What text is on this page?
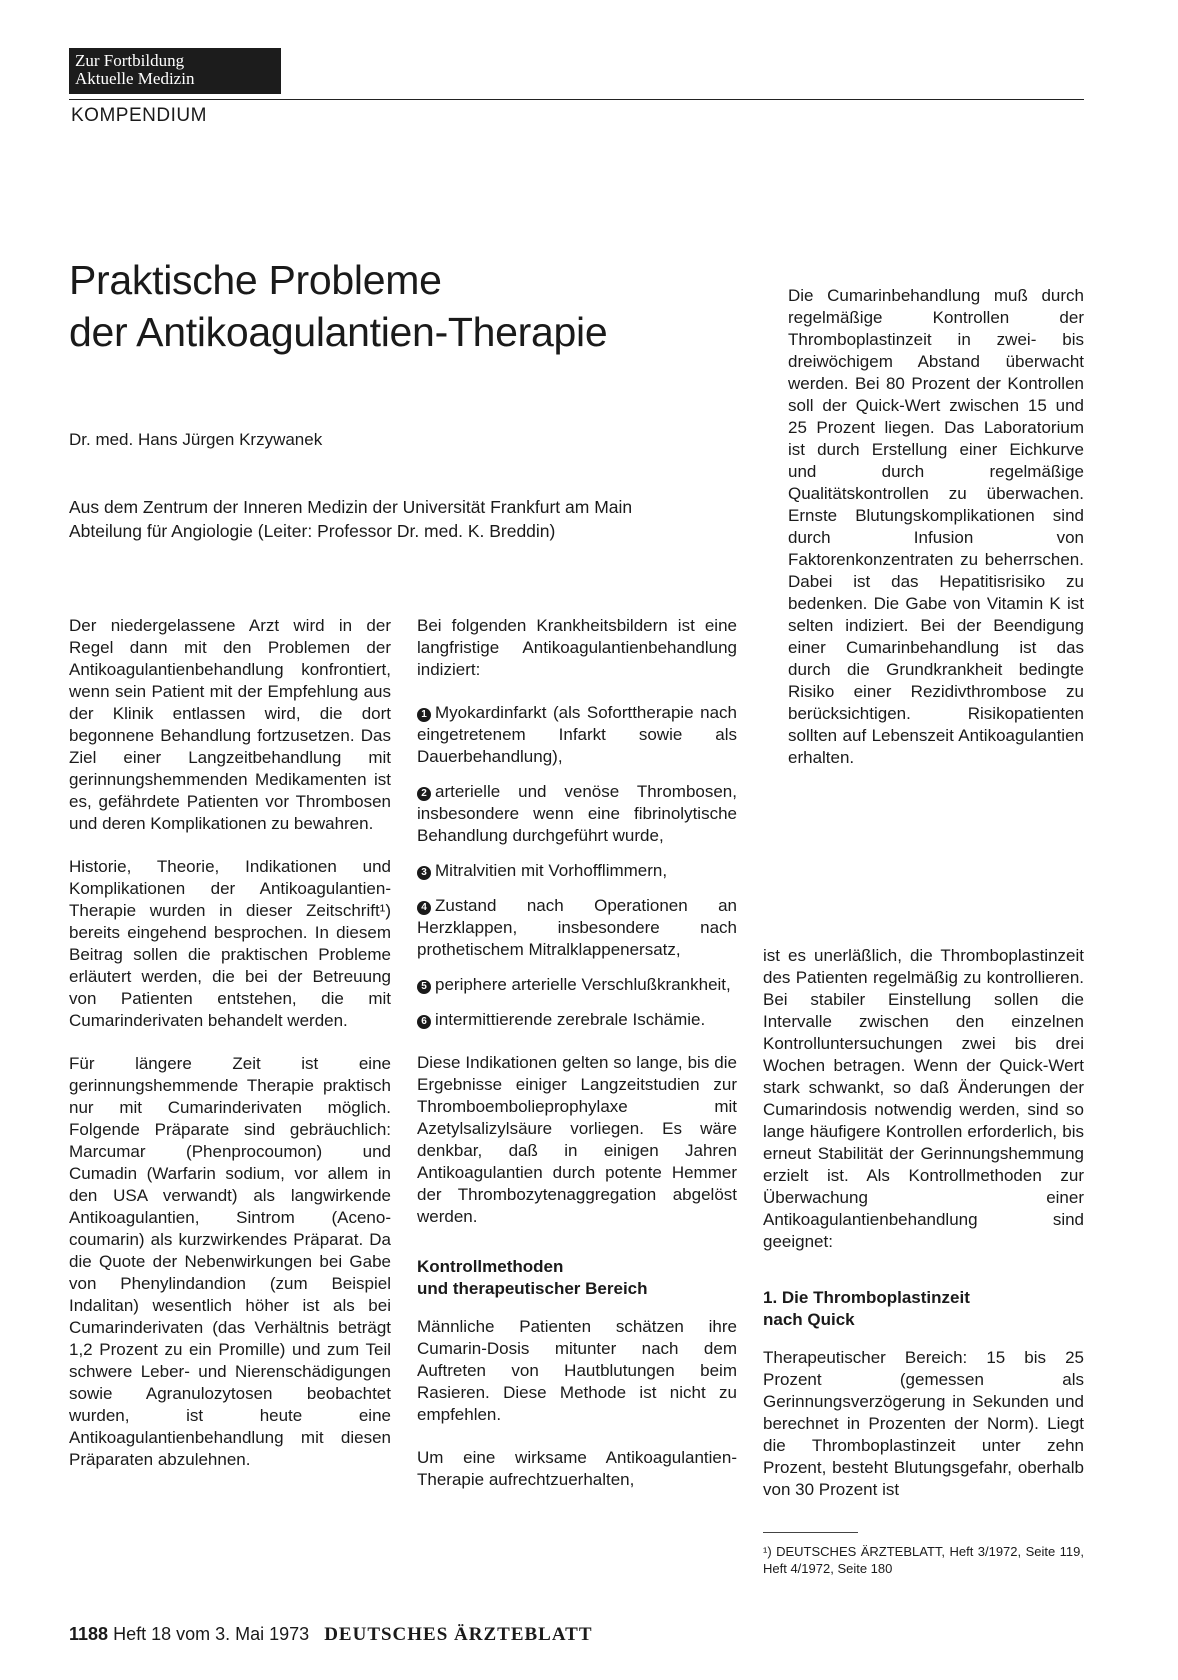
Zur Fortbildung
Aktuelle Medizin
KOMPENDIUM
Praktische Probleme
der Antikoagulantien-Therapie
Dr. med. Hans Jürgen Krzywanek
Aus dem Zentrum der Inneren Medizin der Universität Frankfurt am Main
Abteilung für Angiologie (Leiter: Professor Dr. med. K. Breddin)

Der niedergelassene Arzt wird in der Regel dann mit den Problemen der Antikoagulantienbehandlung konfrontiert, wenn sein Patient mit der Empfehlung aus der Klinik entlassen wird, die dort begonnene Behandlung fortzusetzen. Das Ziel einer Langzeitbehandlung mit gerinnungshemmenden Medikamenten ist es, gefährdete Patienten vor Thrombosen und deren Komplikationen zu bewahren.

Historie, Theorie, Indikationen und Komplikationen der Antikoagulantien-Therapie wurden in dieser Zeitschrift¹) bereits eingehend besprochen. In diesem Beitrag sollen die praktischen Probleme erläutert werden, die bei der Betreuung von Patienten entstehen, die mit Cumarinderivaten behandelt werden.

Für längere Zeit ist eine gerinnungshemmende Therapie praktisch nur mit Cumarinderivaten möglich. Folgende Präparate sind gebräuchlich: Marcumar (Phenprocoumon) und Cumadin (Warfarin sodium, vor allem in den USA verwandt) als langwirkende Antikoagulantien, Sintrom (Aceno-coumarin) als kurzwirkendes Präparat. Da die Quote der Nebenwirkungen bei Gabe von Phenylindandion (zum Beispiel Indalitan) wesentlich höher ist als bei Cumarinderivaten (das Verhältnis beträgt 1,2 Prozent zu ein Promille) und zum Teil schwere Leber- und Nierenschädigungen sowie Agranulozytosen beobachtet wurden, ist heute eine Antikoagulantienbehandlung mit diesen Präparaten abzulehnen.

Bei folgenden Krankheitsbildern ist eine langfristige Antikoagulantienbehandlung indiziert:

1 Myokardinfarkt (als Soforttherapie nach eingetretenem Infarkt sowie als Dauerbehandlung),
2 arterielle und venöse Thrombosen, insbesondere wenn eine fibrinolytische Behandlung durchgeführt wurde,
3 Mitralvitien mit Vorhofflimmern,
4 Zustand nach Operationen an Herzklappen, insbesondere nach prothetischem Mitralklappenersatz,
5 periphere arterielle Verschlußkrankheit,
6 intermittierende zerebrale Ischämie.

Diese Indikationen gelten so lange, bis die Ergebnisse einiger Langzeitstudien zur Thromboembolieprophylaxe mit Azetylsalizylsäure vorliegen. Es wäre denkbar, daß in einigen Jahren Antikoagulantien durch potente Hemmer der Thrombozytenaggregation abgelöst werden.

Kontrollmethoden
und therapeutischer Bereich

Männliche Patienten schätzen ihre Cumarin-Dosis mitunter nach dem Auftreten von Hautblutungen beim Rasieren. Diese Methode ist nicht zu empfehlen.

Um eine wirksame Antikoagulantien-Therapie aufrechtzuerhalten,

Die Cumarinbehandlung muß durch regelmäßige Kontrollen der Thromboplastinzeit in zwei- bis dreiwöchigem Abstand überwacht werden. Bei 80 Prozent der Kontrollen soll der Quick-Wert zwischen 15 und 25 Prozent liegen. Das Laboratorium ist durch Erstellung einer Eichkurve und durch regelmäßige Qualitätskontrollen zu überwachen. Ernste Blutungskomplikationen sind durch Infusion von Faktorenkonzentraten zu beherrschen. Dabei ist das Hepatitisrisiko zu bedenken. Die Gabe von Vitamin K ist selten indiziert. Bei der Beendigung einer Cumarinbehandlung ist das durch die Grundkrankheit bedingte Risiko einer Rezidivthrombose zu berücksichtigen. Risikopatienten sollten auf Lebenszeit Antikoagulantien erhalten.

ist es unerläßlich, die Thromboplastinzeit des Patienten regelmäßig zu kontrollieren. Bei stabiler Einstellung sollen die Intervalle zwischen den einzelnen Kontrolluntersuchungen zwei bis drei Wochen betragen. Wenn der Quick-Wert stark schwankt, so daß Änderungen der Cumarindosis notwendig werden, sind so lange häufigere Kontrollen erforderlich, bis erneut Stabilität der Gerinnungshemmung erzielt ist. Als Kontrollmethoden zur Überwachung einer Antikoagulantienbehandlung sind geeignet:

1. Die Thromboplastinzeit
nach Quick

Therapeutischer Bereich: 15 bis 25 Prozent (gemessen als Gerinnungsverzögerung in Sekunden und berechnet in Prozenten der Norm). Liegt die Thromboplastinzeit unter zehn Prozent, besteht Blutungsgefahr, oberhalb von 30 Prozent ist

¹) DEUTSCHES ÄRZTEBLATT, Heft 3/1972, Seite 119, Heft 4/1972, Seite 180
1188 Heft 18 vom 3. Mai 1973 DEUTSCHES ÄRZTEBLATT
